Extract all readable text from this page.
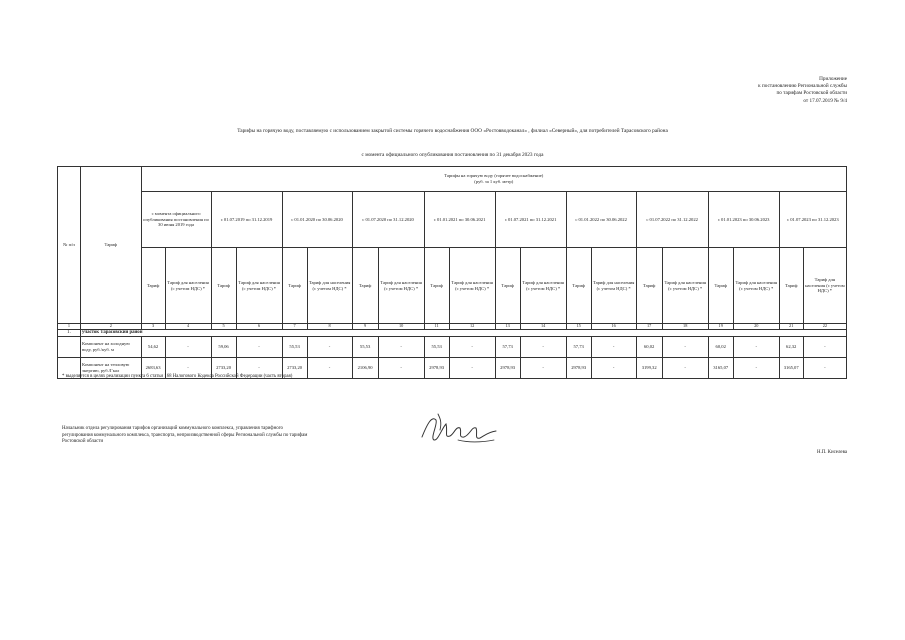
Приложение
к постановлению Региональной службы
по тарифам Ростовской области
от 17.07.2019 № 9/4
Тарифы на горячую воду, поставляемую с использованием закрытой системы горячего водоснабжения ООО «Ростовводоканал» , филиал «Северный», для потребителей Тарасовского района
с момента официального опубликования постановления по 31 декабря 2023 года
№ п/п	Тариф	Тарифы на горячую воду (горячее водоснабжение)
(руб. за 1 куб. метр)																			

		с момента официального опубликования постановления по 30 июня 2019 года		с 01.07.2019 по 31.12.2019		с 01.01.2020 по 30.06.2020		с 01.07.2020 по 31.12.2020		с 01.01.2021 по 30.06.2021		с 01.07.2021 по 31.12.2021		с 01.01.2022 по 30.06.2022		с 01.07.2022 по 31.12.2022		с 01.01.2023 по 30.06.2023		с 01.07.2023 по 31.12.2023	
		Тариф	Тариф для населения (с учетом НДС) *	Тариф	Тариф для населения (с учетом НДС) *	Тариф	Тариф для населения (с учетом НДС) *	Тариф	Тариф для населения (с учетом НДС) *	Тариф	Тариф для населения (с учетом НДС) *	Тариф	Тариф для населения (с учетом НДС) *	Тариф	Тариф для населения (с учетом НДС) *	Тариф	Тариф для населения (с учетом НДС) *	Тариф	Тариф для населения (с учетом НДС) *	Тариф	Тариф для населения (с учетом НДС) *
1	2	3	4	5	6	7	8	9	10	11	12	13	14	15	16	17	18	19	20	21	22
1.	участок Тарасовский район																				
	Компонент на холодную воду, руб./куб. м	54,62	-	59,06	-	55,53	-	55,53	-	55,53	-	57,73	-	57,73	-	60,02	-	60,02	-	62,32	-
	Компонент на тепловую энергию, руб./Гкал	2683,63	-	2733,20	-	2733,20	-	2106,90	-	2978,93	-	2978,93	-	2978,93	-	3199,32	-	3165,07	-	3165,07	-
* выделяется в целях реализации пункта 6 статьи 168 Налогового Кодекса Российской Федерации (часть вторая)
Начальник отдела регулирования тарифов организаций коммунального комплекса, управления тарифного регулирования коммунального комплекса, транспорта, непроизводственной сферы Региональной службы по тарифам Ростовской области
Н.П. Киселева
